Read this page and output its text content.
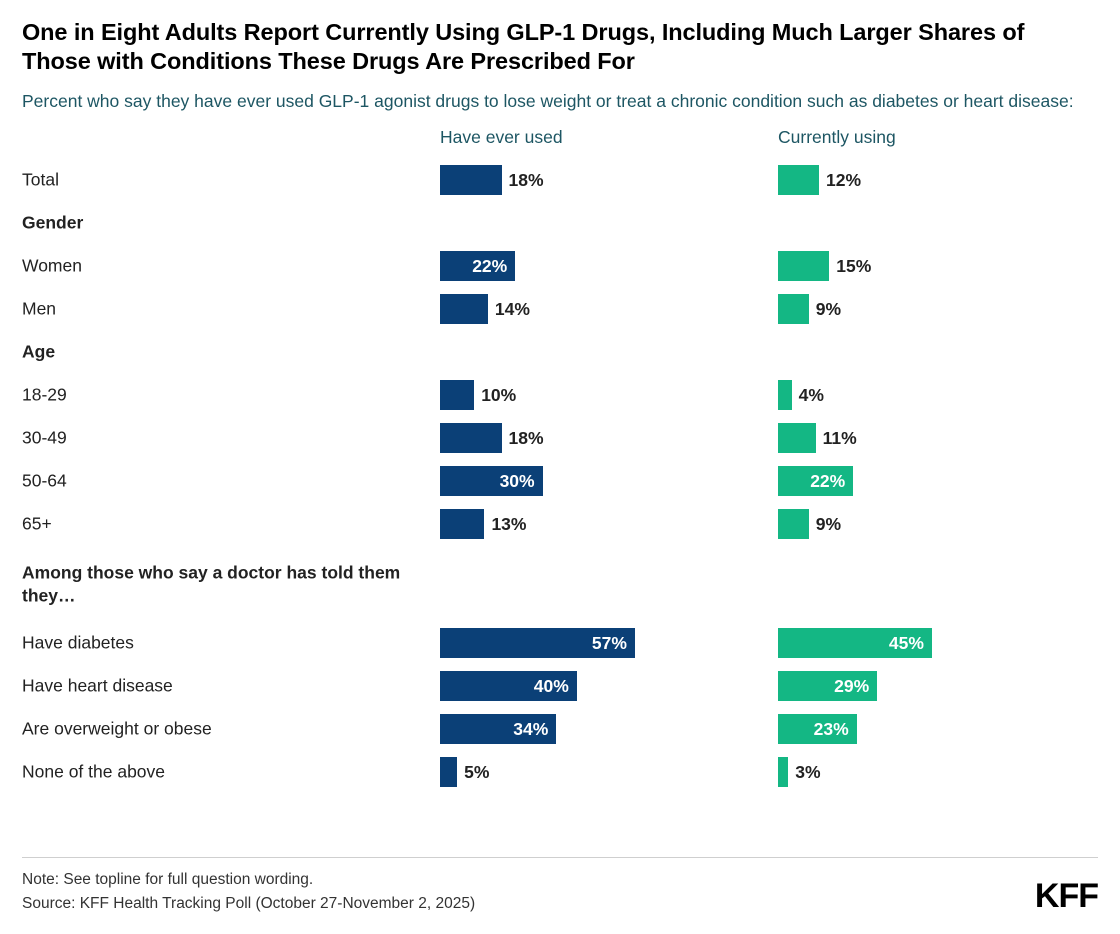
One in Eight Adults Report Currently Using GLP-1 Drugs, Including Much Larger Shares of Those with Conditions These Drugs Are Prescribed For
Percent who say they have ever used GLP-1 agonist drugs to lose weight or treat a chronic condition such as diabetes or heart disease:
Have ever used	Currently using
Total	18%	12%
Gender
Women	22%	15%
Men	14%	9%
Age
18-29	10%	4%
30-49	18%	11%
50-64	30%	22%
65+	13%	9%
Among those who say a doctor has told them they…
Have diabetes	57%	45%
Have heart disease	40%	29%
Are overweight or obese	34%	23%
None of the above	5%	3%
Note: See topline for full question wording.
Source: KFF Health Tracking Poll (October 27-November 2, 2025)	KFF
